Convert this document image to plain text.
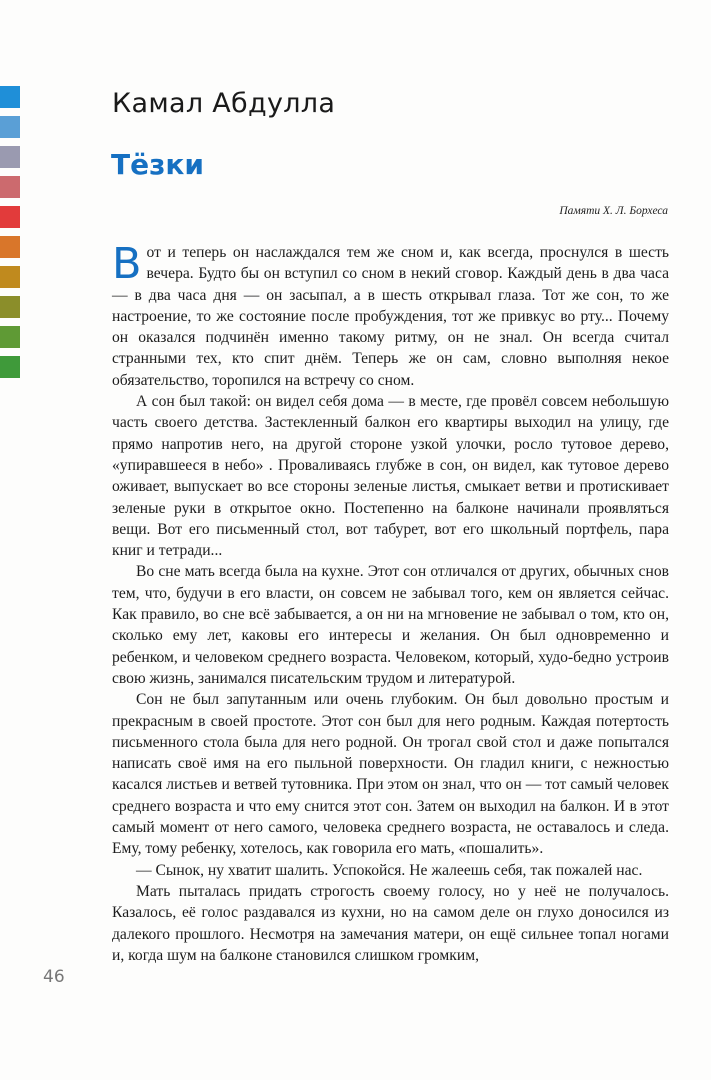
Камал Абдулла
Тёзки

Памяти Х. Л. Борхеса

Вот и теперь он наслаждался тем же сном и, как всегда, проснулся в шесть вечера. Будто бы он вступил со сном в некий сговор. Каждый день в два часа — в два часа дня — он засыпал, а в шесть открывал глаза. Тот же сон, то же настроение, то же состояние после пробуждения, тот же привкус во рту... Почему он оказался подчинён именно такому ритму, он не знал. Он всегда считал странными тех, кто спит днём. Теперь же он сам, словно выполняя некое обязательство, торопился на встречу со сном.

А сон был такой: он видел себя дома — в месте, где провёл совсем небольшую часть своего детства. Застекленный балкон его квартиры выходил на улицу, где прямо напротив него, на другой стороне узкой улочки, росло тутовое дерево, «упиравшееся в небо» . Проваливаясь глубже в сон, он видел, как тутовое дерево оживает, выпускает во все стороны зеленые листья, смыкает ветви и протискивает зеленые руки в открытое окно. Постепенно на балконе начинали проявляться вещи. Вот его письменный стол, вот табурет, вот его школьный портфель, пара книг и тетради...

Во сне мать всегда была на кухне. Этот сон отличался от других, обычных снов тем, что, будучи в его власти, он совсем не забывал того, кем он является сейчас. Как правило, во сне всё забывается, а он ни на мгновение не забывал о том, кто он, сколько ему лет, каковы его интересы и желания. Он был одновременно и ребенком, и человеком среднего возраста. Человеком, который, худо-бедно устроив свою жизнь, занимался писательским трудом и литературой.

Сон не был запутанным или очень глубоким. Он был довольно простым и прекрасным в своей простоте. Этот сон был для него родным. Каждая потертость письменного стола была для него родной. Он трогал свой стол и даже попытался написать своё имя на его пыльной поверхности. Он гладил книги, с нежностью касался листьев и ветвей тутовника. При этом он знал, что он — тот самый человек среднего возраста и что ему снится этот сон. Затем он выходил на балкон. И в этот самый момент от него самого, человека среднего возраста, не оставалось и следа. Ему, тому ребенку, хотелось, как говорила его мать, «пошалить».

— Сынок, ну хватит шалить. Успокойся. Не жалеешь себя, так пожалей нас.

Мать пыталась придать строгость своему голосу, но у неё не получалось. Казалось, её голос раздавался из кухни, но на самом деле он глухо доносился из далекого прошлого. Несмотря на замечания матери, он ещё сильнее топал ногами и, когда шум на балконе становился слишком громким,

46
